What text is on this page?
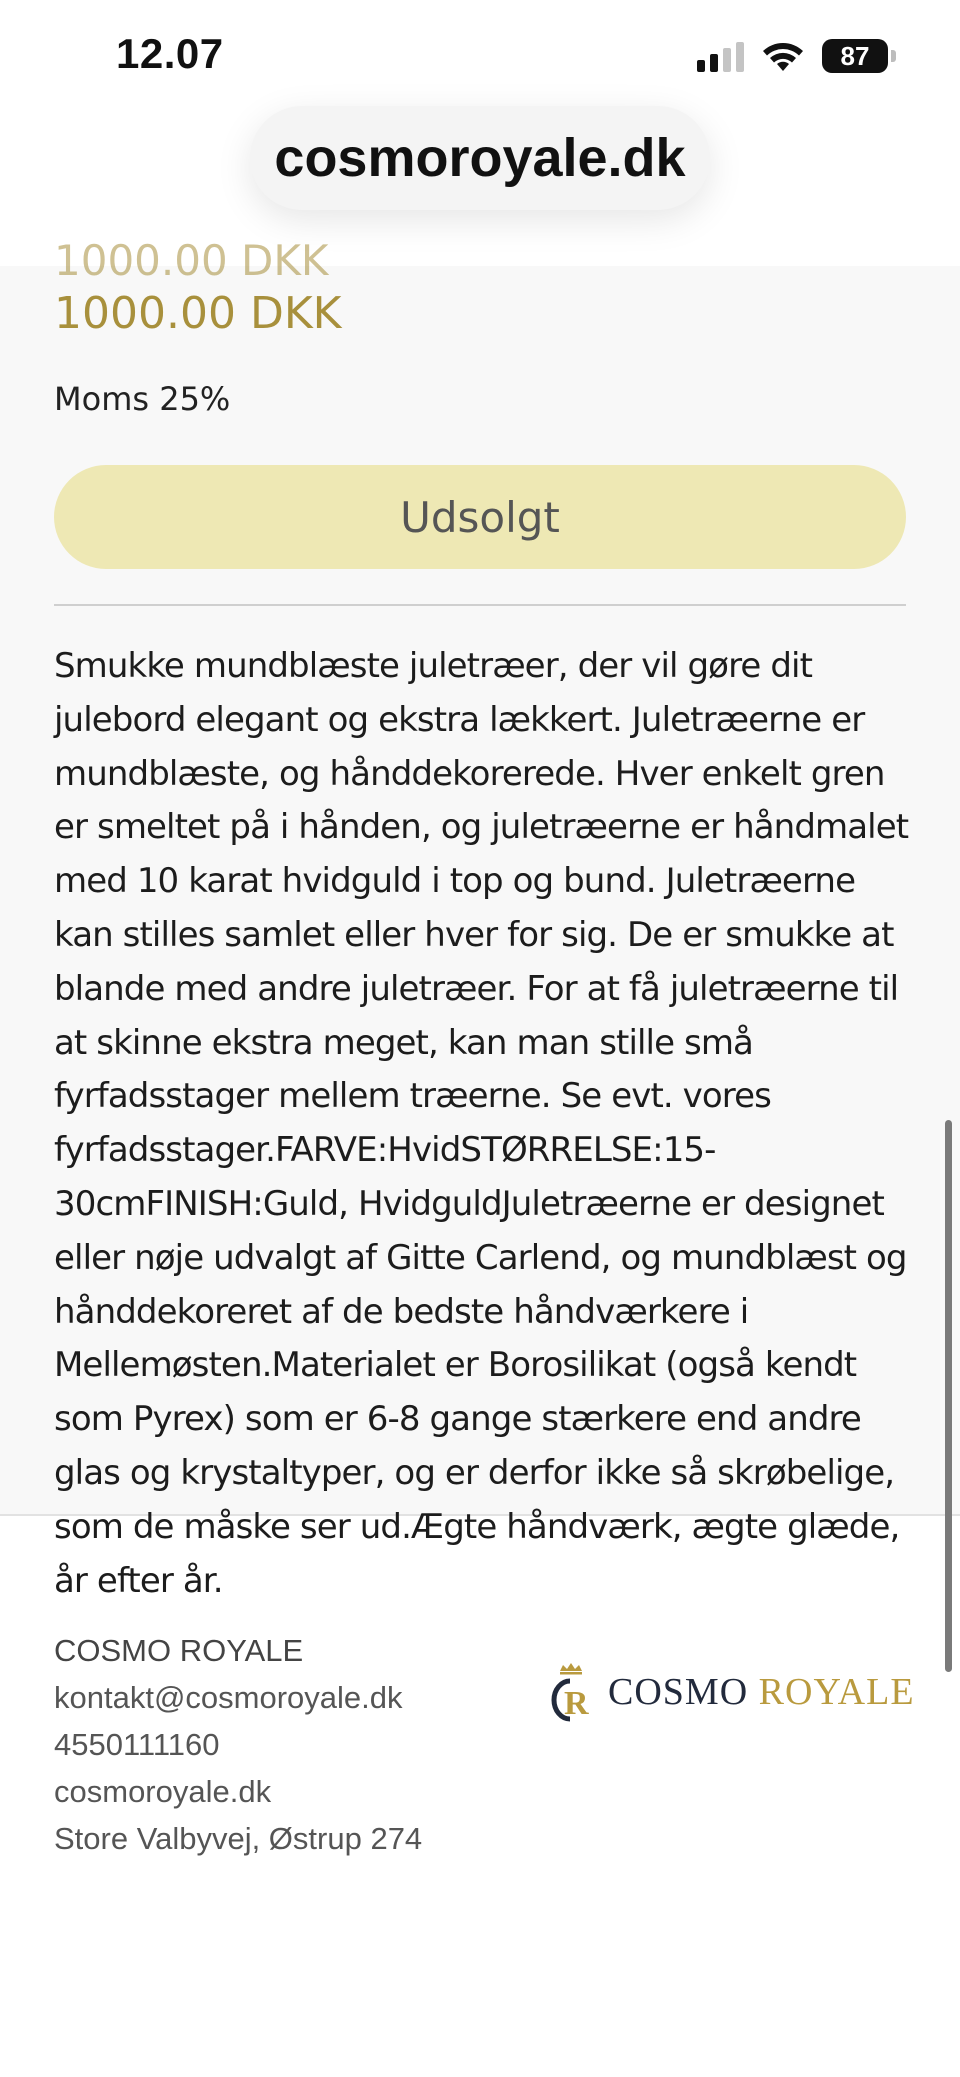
12.07	87
1000.00 DKK
1000.00 DKK
Moms 25%
Udsolgt
Smukke mundblæste juletræer, der vil gøre dit julebord elegant og ekstra lækkert. Juletræerne er mundblæste, og hånddekorerede. Hver enkelt gren er smeltet på i hånden, og juletræerne er håndmalet med 10 karat hvidguld i top og bund. Juletræerne kan stilles samlet eller hver for sig. De er smukke at blande med andre juletræer. For at få juletræerne til at skinne ekstra meget, kan man stille små fyrfadsstager mellem træerne. Se evt. vores fyrfadsstager.FARVE:HvidSTØRRELSE:15-30cmFINISH:Guld, HvidguldJuletræerne er designet eller nøje udvalgt af Gitte Carlend, og mundblæst og hånddekoreret af de bedste håndværkere i Mellemøsten.Materialet er Borosilikat (også kendt som Pyrex) som er 6-8 gange stærkere end andre glas og krystaltyper, og er derfor ikke så skrøbelige, som de måske ser ud.Ægte håndværk, ægte glæde, år efter år.
cosmoroyale.dk
COSMO ROYALE
kontakt@cosmoroyale.dk
4550111160
cosmoroyale.dk
Store Valbyvej, Østrup 274
R COSMO ROYALE
